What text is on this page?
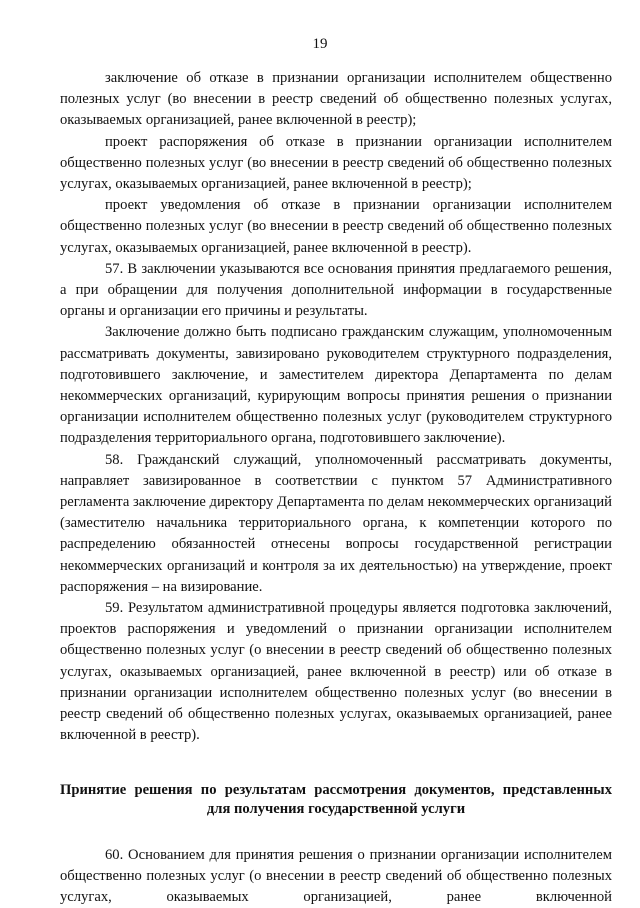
19

заключение об отказе в признании организации исполнителем общественно полезных услуг (во внесении в реестр сведений об общественно полезных услугах, оказываемых организацией, ранее включенной в реестр);

проект распоряжения об отказе в признании организации исполнителем общественно полезных услуг (во внесении в реестр сведений об общественно полезных услугах, оказываемых организацией, ранее включенной в реестр);

проект уведомления об отказе в признании организации исполнителем общественно полезных услуг (во внесении в реестр сведений об общественно полезных услугах, оказываемых организацией, ранее включенной в реестр).

57. В заключении указываются все основания принятия предлагаемого решения, а при обращении для получения дополнительной информации в государственные органы и организации его причины и результаты.

Заключение должно быть подписано гражданским служащим, уполномоченным рассматривать документы, завизировано руководителем структурного подразделения, подготовившего заключение, и заместителем директора Департамента по делам некоммерческих организаций, курирующим вопросы принятия решения о признании организации исполнителем общественно полезных услуг (руководителем структурного подразделения территориального органа, подготовившего заключение).

58. Гражданский служащий, уполномоченный рассматривать документы, направляет завизированное в соответствии с пунктом 57 Административного регламента заключение директору Департамента по делам некоммерческих организаций (заместителю начальника территориального органа, к компетенции которого по распределению обязанностей отнесены вопросы государственной регистрации некоммерческих организаций и контроля за их деятельностью) на утверждение, проект распоряжения – на визирование.

59. Результатом административной процедуры является подготовка заключений, проектов распоряжения и уведомлений о признании организации исполнителем общественно полезных услуг (о внесении в реестр сведений об общественно полезных услугах, оказываемых организацией, ранее включенной в реестр) или об отказе в признании организации исполнителем общественно полезных услуг (во внесении в реестр сведений об общественно полезных услугах, оказываемых организацией, ранее включенной в реестр).

Принятие решения по результатам рассмотрения документов, представленных
для получения государственной услуги

60. Основанием для принятия решения о признании организации исполнителем общественно полезных услуг (о внесении в реестр сведений об общественно полезных услугах, оказываемых организацией, ранее включенной
